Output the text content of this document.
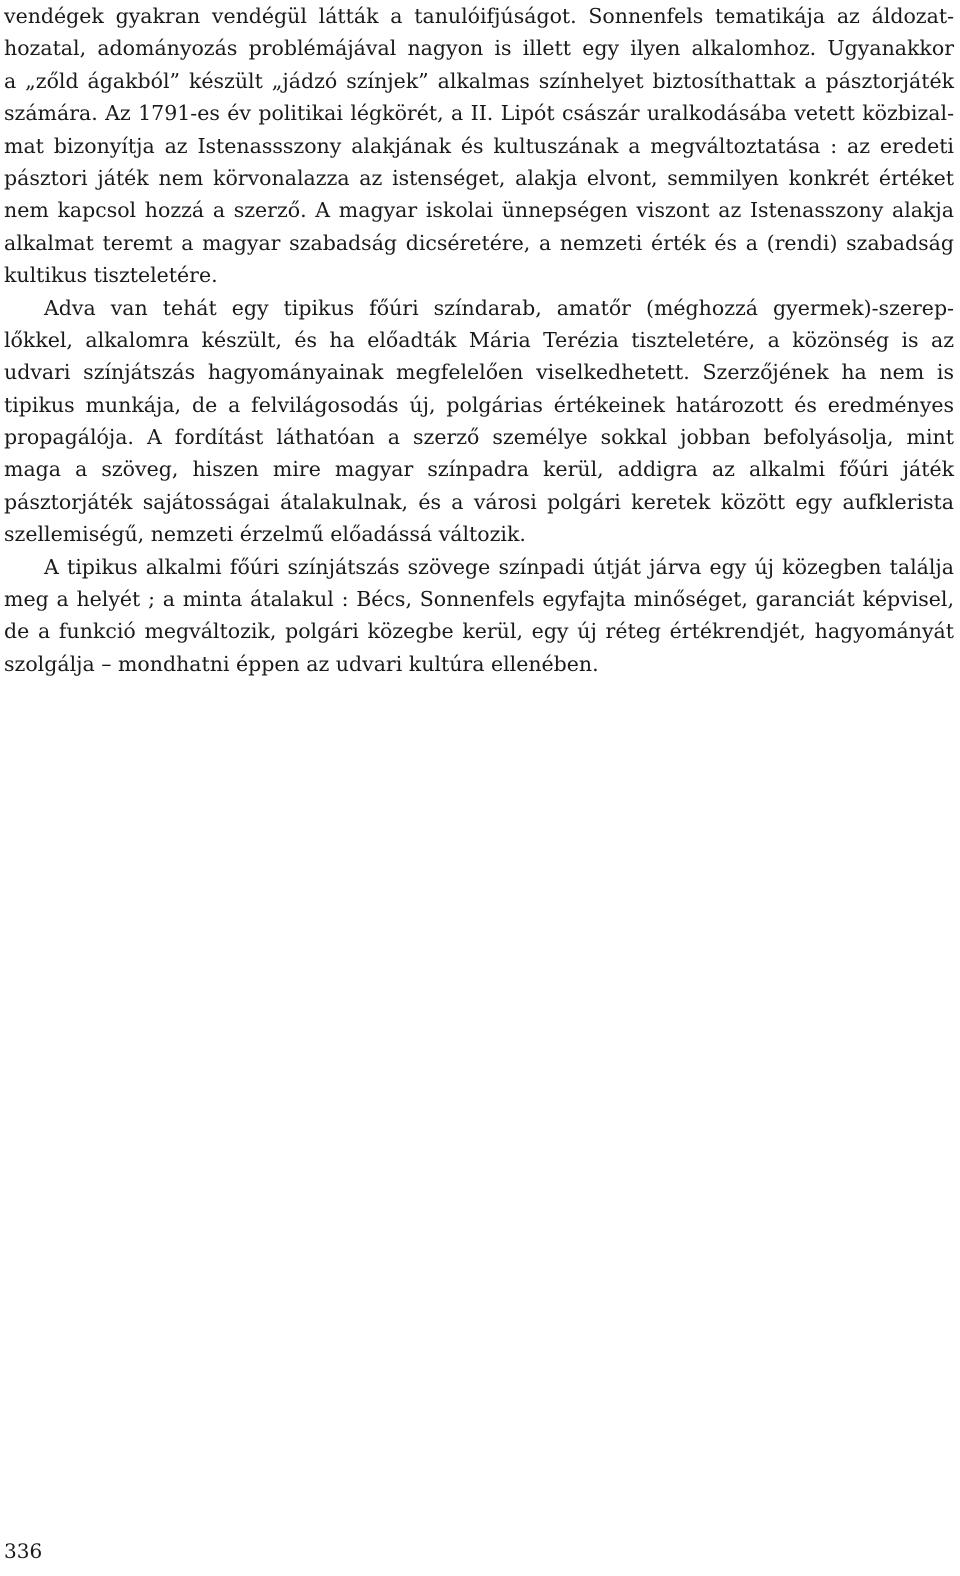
vendégek gyakran vendégül látták a tanulóifjúságot. Sonnenfels tematikája az áldozat-
hozatal, adományozás problémájával nagyon is illett egy ilyen alkalomhoz. Ugyanakkor
a „zőld ágakból” készült „jádzó színjek” alkalmas színhelyet biztosíthattak a pásztorjáték
számára. Az 1791-es év politikai légkörét, a II. Lipót császár uralkodásába vetett közbizal-
mat bizonyítja az Istenassszony alakjának és kultuszának a megváltoztatása : az eredeti
pásztori játék nem körvonalazza az istenséget, alakja elvont, semmilyen konkrét értéket
nem kapcsol hozzá a szerző. A magyar iskolai ünnepségen viszont az Istenasszony alakja
alkalmat teremt a magyar szabadság dicséretére, a nemzeti érték és a (rendi) szabadság
kultikus tiszteletére.
Adva van tehát egy tipikus főúri színdarab, amatőr (méghozzá gyermek)-szerep-
lőkkel, alkalomra készült, és ha előadták Mária Terézia tiszteletére, a közönség is az
udvari színjátszás hagyományainak megfelelően viselkedhetett. Szerzőjének ha nem is
tipikus munkája, de a felvilágosodás új, polgárias értékeinek határozott és eredményes
propagálója. A fordítást láthatóan a szerző személye sokkal jobban befolyásolja, mint
maga a szöveg, hiszen mire magyar színpadra kerül, addigra az alkalmi főúri játék
pásztorjáték sajátosságai átalakulnak, és a városi polgári keretek között egy aufklerista
szellemiségű, nemzeti érzelmű előadássá változik.
A tipikus alkalmi főúri színjátszás szövege színpadi útját járva egy új közegben találja
meg a helyét ; a minta átalakul : Bécs, Sonnenfels egyfajta minőséget, garanciát képvisel,
de a funkció megváltozik, polgári közegbe kerül, egy új réteg értékrendjét, hagyományát
szolgálja – mondhatni éppen az udvari kultúra ellenében.
336
